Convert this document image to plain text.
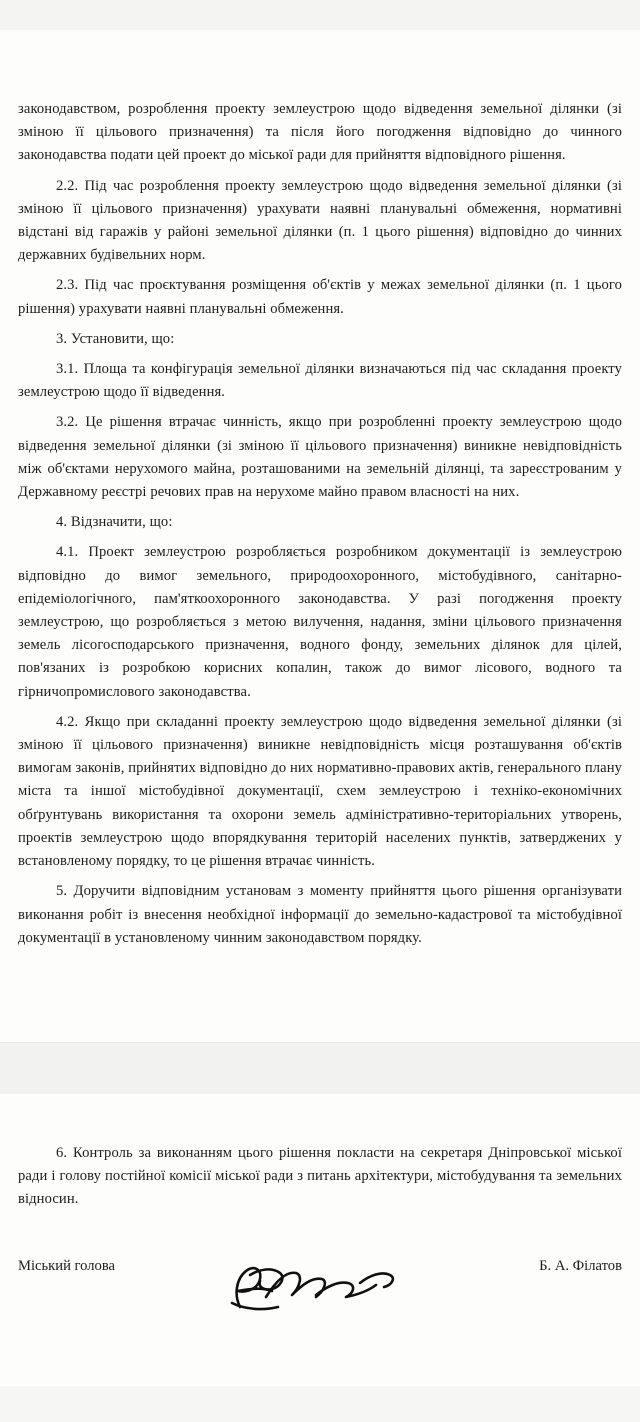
законодавством, розроблення проекту землеустрою щодо відведення земельної ділянки (зі зміною її цільового призначення) та після його погодження відповідно до чинного законодавства подати цей проект до міської ради для прийняття відповідного рішення.

2.2. Під час розроблення проекту землеустрою щодо відведення земельної ділянки (зі зміною її цільового призначення) урахувати наявні планувальні обмеження, нормативні відстані від гаражів у районі земельної ділянки (п. 1 цього рішення) відповідно до чинних державних будівельних норм.

2.3. Під час проєктування розміщення об'єктів у межах земельної ділянки (п. 1 цього рішення) урахувати наявні планувальні обмеження.

3. Установити, що:

3.1. Площа та конфігурація земельної ділянки визначаються під час складання проекту землеустрою щодо її відведення.

3.2. Це рішення втрачає чинність, якщо при розробленні проекту землеустрою щодо відведення земельної ділянки (зі зміною її цільового призначення) виникне невідповідність між об'єктами нерухомого майна, розташованими на земельній ділянці, та зареєстрованим у Державному реєстрі речових прав на нерухоме майно правом власності на них.

4. Відзначити, що:

4.1. Проект землеустрою розробляється розробником документації із землеустрою відповідно до вимог земельного, природоохоронного, містобудівного, санітарно-епідеміологічного, пам'яткоохоронного законодавства. У разі погодження проекту землеустрою, що розробляється з метою вилучення, надання, зміни цільового призначення земель лісогосподарського призначення, водного фонду, земельних ділянок для цілей, пов'язаних із розробкою корисних копалин, також до вимог лісового, водного та гірничопромислового законодавства.

4.2. Якщо при складанні проекту землеустрою щодо відведення земельної ділянки (зі зміною її цільового призначення) виникне невідповідність місця розташування об'єктів вимогам законів, прийнятих відповідно до них нормативно-правових актів, генерального плану міста та іншої містобудівної документації, схем землеустрою і техніко-економічних обґрунтувань використання та охорони земель адміністративно-територіальних утворень, проектів землеустрою щодо впорядкування територій населених пунктів, затверджених у встановленому порядку, то це рішення втрачає чинність.

5. Доручити відповідним установам з моменту прийняття цього рішення організувати виконання робіт із внесення необхідної інформації до земельно-кадастрової та містобудівної документації в установленому чинним законодавством порядку.

6. Контроль за виконанням цього рішення покласти на секретаря Дніпровської міської ради і голову постійної комісії міської ради з питань архітектури, містобудування та земельних відносин.

Міський голова	Б. А. Філатов
